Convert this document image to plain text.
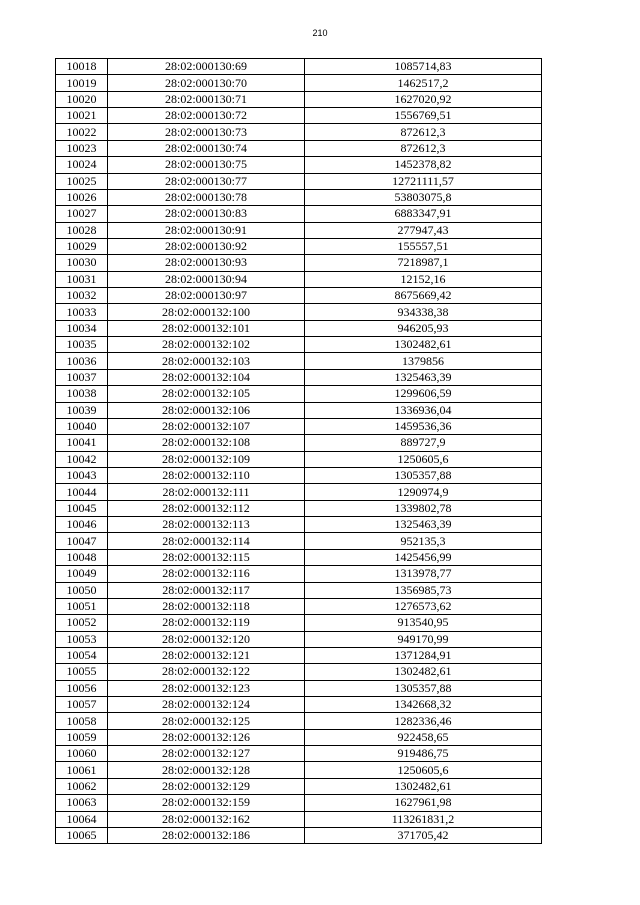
210
10018	28:02:000130:69	1085714,83
10019	28:02:000130:70	1462517,2
10020	28:02:000130:71	1627020,92
10021	28:02:000130:72	1556769,51
10022	28:02:000130:73	872612,3
10023	28:02:000130:74	872612,3
10024	28:02:000130:75	1452378,82
10025	28:02:000130:77	12721111,57
10026	28:02:000130:78	53803075,8
10027	28:02:000130:83	6883347,91
10028	28:02:000130:91	277947,43
10029	28:02:000130:92	155557,51
10030	28:02:000130:93	7218987,1
10031	28:02:000130:94	12152,16
10032	28:02:000130:97	8675669,42
10033	28:02:000132:100	934338,38
10034	28:02:000132:101	946205,93
10035	28:02:000132:102	1302482,61
10036	28:02:000132:103	1379856
10037	28:02:000132:104	1325463,39
10038	28:02:000132:105	1299606,59
10039	28:02:000132:106	1336936,04
10040	28:02:000132:107	1459536,36
10041	28:02:000132:108	889727,9
10042	28:02:000132:109	1250605,6
10043	28:02:000132:110	1305357,88
10044	28:02:000132:111	1290974,9
10045	28:02:000132:112	1339802,78
10046	28:02:000132:113	1325463,39
10047	28:02:000132:114	952135,3
10048	28:02:000132:115	1425456,99
10049	28:02:000132:116	1313978,77
10050	28:02:000132:117	1356985,73
10051	28:02:000132:118	1276573,62
10052	28:02:000132:119	913540,95
10053	28:02:000132:120	949170,99
10054	28:02:000132:121	1371284,91
10055	28:02:000132:122	1302482,61
10056	28:02:000132:123	1305357,88
10057	28:02:000132:124	1342668,32
10058	28:02:000132:125	1282336,46
10059	28:02:000132:126	922458,65
10060	28:02:000132:127	919486,75
10061	28:02:000132:128	1250605,6
10062	28:02:000132:129	1302482,61
10063	28:02:000132:159	1627961,98
10064	28:02:000132:162	113261831,2
10065	28:02:000132:186	371705,42
